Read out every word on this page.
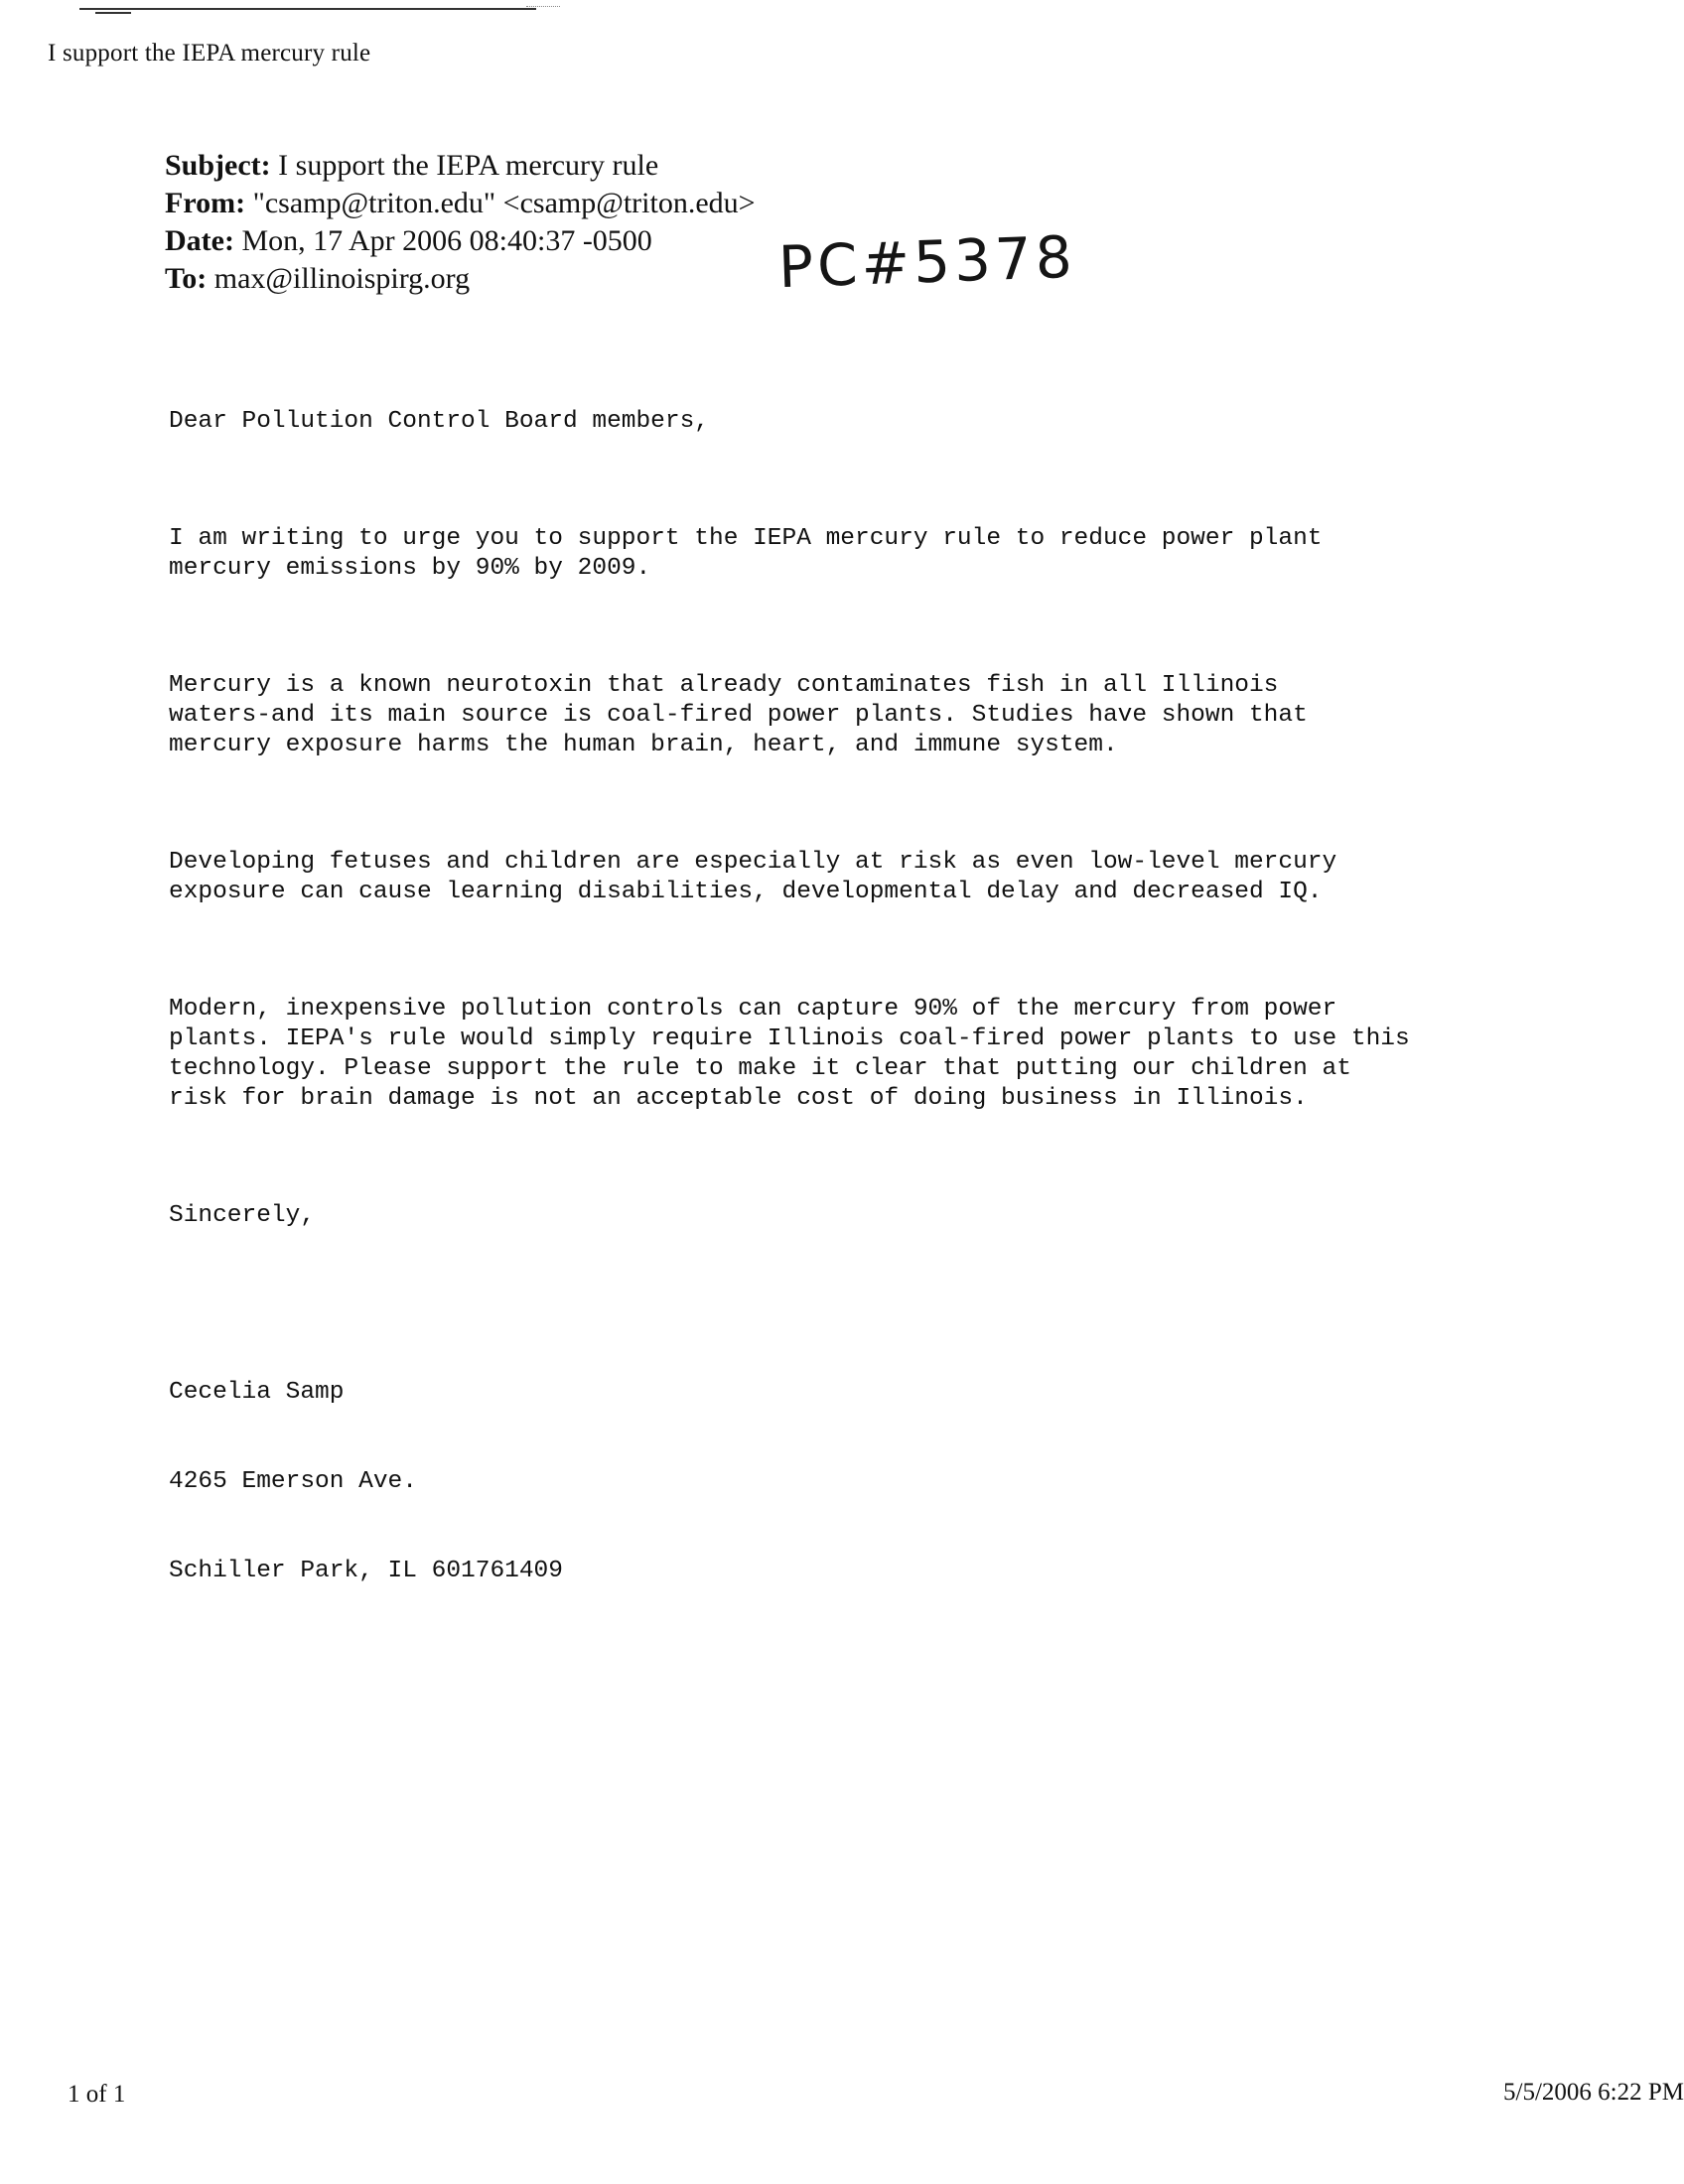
I support the IEPA mercury rule
Subject: I support the IEPA mercury rule
From: "csamp@triton.edu" <csamp@triton.edu>
Date: Mon, 17 Apr 2006 08:40:37 -0500
To: max@illinoispirg.org	PC#5378

Dear Pollution Control Board members,

I am writing to urge you to support the IEPA mercury rule to reduce power plant
mercury emissions by 90% by 2009.

Mercury is a known neurotoxin that already contaminates fish in all Illinois
waters-and its main source is coal-fired power plants. Studies have shown that
mercury exposure harms the human brain, heart, and immune system.

Developing fetuses and children are especially at risk as even low-level mercury
exposure can cause learning disabilities, developmental delay and decreased IQ.

Modern, inexpensive pollution controls can capture 90% of the mercury from power
plants. IEPA's rule would simply require Illinois coal-fired power plants to use this
technology. Please support the rule to make it clear that putting our children at
risk for brain damage is not an acceptable cost of doing business in Illinois.

Sincerely,

Cecelia Samp

4265 Emerson Ave.

Schiller Park, IL 601761409

1 of 1	5/5/2006 6:22 PM
